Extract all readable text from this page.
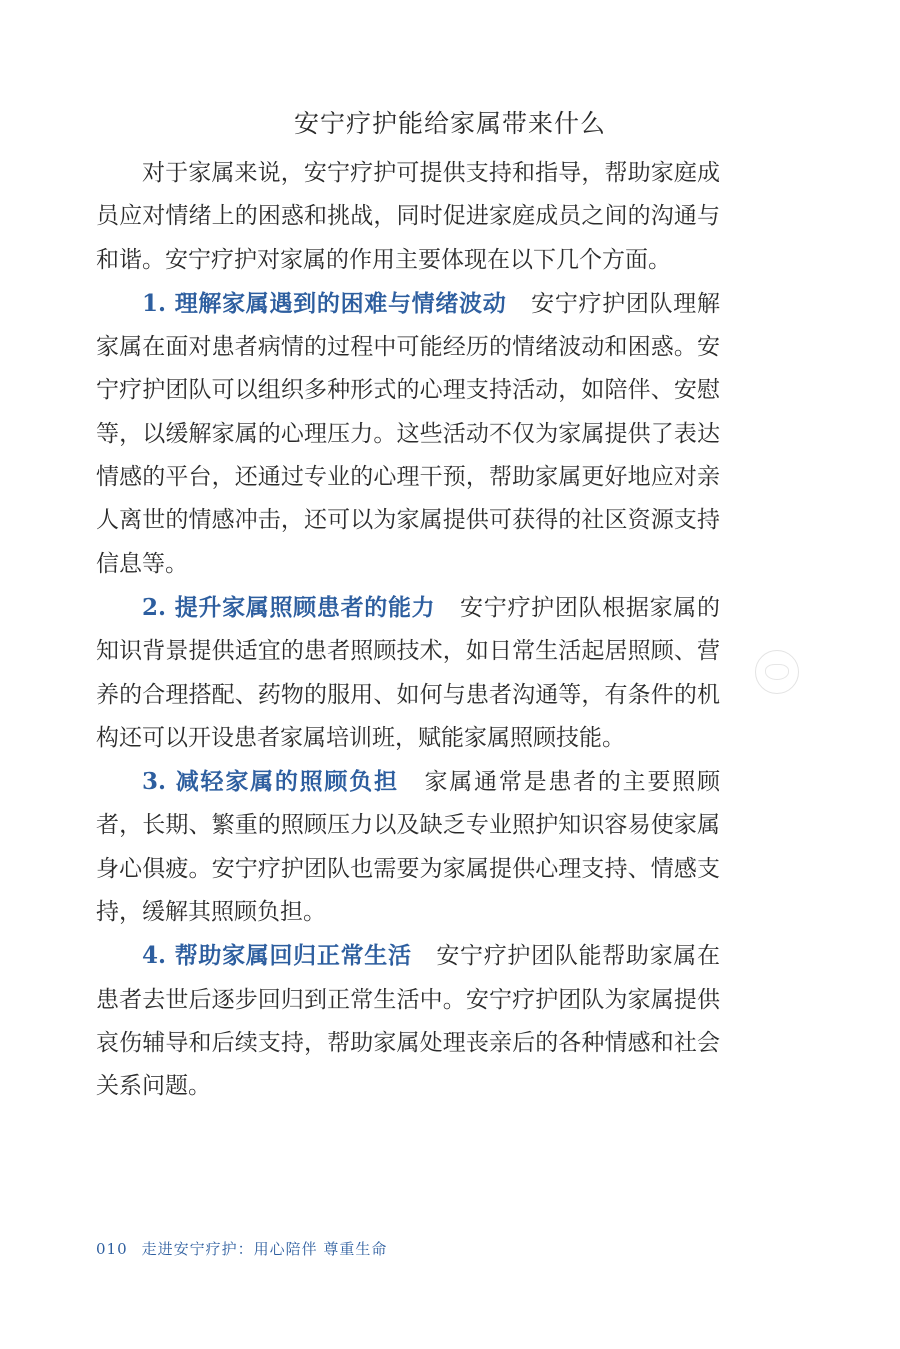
安宁疗护能给家属带来什么

对于家属来说，安宁疗护可提供支持和指导，帮助家庭成员应对情绪上的困惑和挑战，同时促进家庭成员之间的沟通与和谐。安宁疗护对家属的作用主要体现在以下几个方面。

1. 理解家属遇到的困难与情绪波动 安宁疗护团队理解家属在面对患者病情的过程中可能经历的情绪波动和困惑。安宁疗护团队可以组织多种形式的心理支持活动，如陪伴、安慰等，以缓解家属的心理压力。这些活动不仅为家属提供了表达情感的平台，还通过专业的心理干预，帮助家属更好地应对亲人离世的情感冲击，还可以为家属提供可获得的社区资源支持信息等。

2. 提升家属照顾患者的能力 安宁疗护团队根据家属的知识背景提供适宜的患者照顾技术，如日常生活起居照顾、营养的合理搭配、药物的服用、如何与患者沟通等，有条件的机构还可以开设患者家属培训班，赋能家属照顾技能。

3. 减轻家属的照顾负担 家属通常是患者的主要照顾者，长期、繁重的照顾压力以及缺乏专业照护知识容易使家属身心俱疲。安宁疗护团队也需要为家属提供心理支持、情感支持，缓解其照顾负担。

4. 帮助家属回归正常生活 安宁疗护团队能帮助家属在患者去世后逐步回归到正常生活中。安宁疗护团队为家属提供哀伤辅导和后续支持，帮助家属处理丧亲后的各种情感和社会关系问题。

010 走进安宁疗护：用心陪伴 尊重生命
